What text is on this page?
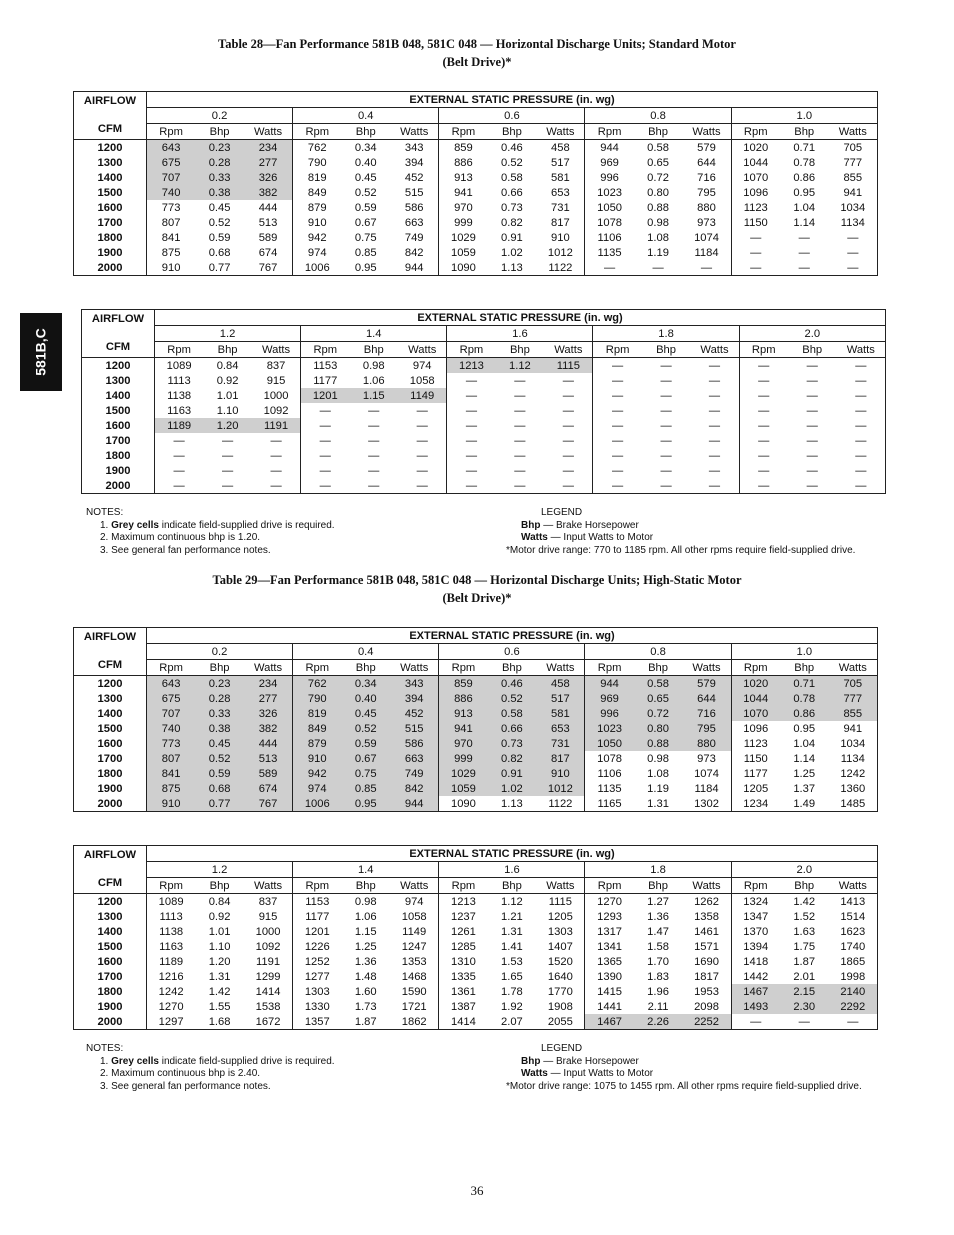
Table 28—Fan Performance 581B 048, 581C 048 — Horizontal Discharge Units; Standard Motor
(Belt Drive)*
581B,C
AIRFLOW	EXTERNAL STATIC PRESSURE (in. wg)														
	0.2			0.4			0.6			0.8			1.0		
CFM	Rpm	Bhp	Watts	Rpm	Bhp	Watts	Rpm	Bhp	Watts	Rpm	Bhp	Watts	Rpm	Bhp	Watts
1200	643	0.23	234	762	0.34	343	859	0.46	458	944	0.58	579	1020	0.71	705
1300	675	0.28	277	790	0.40	394	886	0.52	517	969	0.65	644	1044	0.78	777
1400	707	0.33	326	819	0.45	452	913	0.58	581	996	0.72	716	1070	0.86	855
1500	740	0.38	382	849	0.52	515	941	0.66	653	1023	0.80	795	1096	0.95	941
1600	773	0.45	444	879	0.59	586	970	0.73	731	1050	0.88	880	1123	1.04	1034
1700	807	0.52	513	910	0.67	663	999	0.82	817	1078	0.98	973	1150	1.14	1134
1800	841	0.59	589	942	0.75	749	1029	0.91	910	1106	1.08	1074	—	—	—
1900	875	0.68	674	974	0.85	842	1059	1.02	1012	1135	1.19	1184	—	—	—
2000	910	0.77	767	1006	0.95	944	1090	1.13	1122	—	—	—	—	—	—
AIRFLOW	EXTERNAL STATIC PRESSURE (in. wg)														
	1.2			1.4			1.6			1.8			2.0		
CFM	Rpm	Bhp	Watts	Rpm	Bhp	Watts	Rpm	Bhp	Watts	Rpm	Bhp	Watts	Rpm	Bhp	Watts
1200	1089	0.84	837	1153	0.98	974	1213	1.12	1115	—	—	—	—	—	—
1300	1113	0.92	915	1177	1.06	1058	—	—	—	—	—	—	—	—	—
1400	1138	1.01	1000	1201	1.15	1149	—	—	—	—	—	—	—	—	—
1500	1163	1.10	1092	—	—	—	—	—	—	—	—	—	—	—	—
1600	1189	1.20	1191	—	—	—	—	—	—	—	—	—	—	—	—
1700	—	—	—	—	—	—	—	—	—	—	—	—	—	—	—
1800	—	—	—	—	—	—	—	—	—	—	—	—	—	—	—
1900	—	—	—	—	—	—	—	—	—	—	—	—	—	—	—
2000	—	—	—	—	—	—	—	—	—	—	—	—	—	—	—
NOTES:
1. Grey cells indicate field-supplied drive is required.
2. Maximum continuous bhp is 1.20.
3. See general fan performance notes.
LEGEND
Bhp — Brake Horsepower
Watts — Input Watts to Motor
*Motor drive range: 770 to 1185 rpm. All other rpms require field-supplied drive.
Table 29—Fan Performance 581B 048, 581C 048 — Horizontal Discharge Units; High-Static Motor
(Belt Drive)*
AIRFLOW	EXTERNAL STATIC PRESSURE (in. wg)														
	0.2			0.4			0.6			0.8			1.0		
CFM	Rpm	Bhp	Watts	Rpm	Bhp	Watts	Rpm	Bhp	Watts	Rpm	Bhp	Watts	Rpm	Bhp	Watts
1200	643	0.23	234	762	0.34	343	859	0.46	458	944	0.58	579	1020	0.71	705
1300	675	0.28	277	790	0.40	394	886	0.52	517	969	0.65	644	1044	0.78	777
1400	707	0.33	326	819	0.45	452	913	0.58	581	996	0.72	716	1070	0.86	855
1500	740	0.38	382	849	0.52	515	941	0.66	653	1023	0.80	795	1096	0.95	941
1600	773	0.45	444	879	0.59	586	970	0.73	731	1050	0.88	880	1123	1.04	1034
1700	807	0.52	513	910	0.67	663	999	0.82	817	1078	0.98	973	1150	1.14	1134
1800	841	0.59	589	942	0.75	749	1029	0.91	910	1106	1.08	1074	1177	1.25	1242
1900	875	0.68	674	974	0.85	842	1059	1.02	1012	1135	1.19	1184	1205	1.37	1360
2000	910	0.77	767	1006	0.95	944	1090	1.13	1122	1165	1.31	1302	1234	1.49	1485
AIRFLOW	EXTERNAL STATIC PRESSURE (in. wg)														
	1.2			1.4			1.6			1.8			2.0		
CFM	Rpm	Bhp	Watts	Rpm	Bhp	Watts	Rpm	Bhp	Watts	Rpm	Bhp	Watts	Rpm	Bhp	Watts
1200	1089	0.84	837	1153	0.98	974	1213	1.12	1115	1270	1.27	1262	1324	1.42	1413
1300	1113	0.92	915	1177	1.06	1058	1237	1.21	1205	1293	1.36	1358	1347	1.52	1514
1400	1138	1.01	1000	1201	1.15	1149	1261	1.31	1303	1317	1.47	1461	1370	1.63	1623
1500	1163	1.10	1092	1226	1.25	1247	1285	1.41	1407	1341	1.58	1571	1394	1.75	1740
1600	1189	1.20	1191	1252	1.36	1353	1310	1.53	1520	1365	1.70	1690	1418	1.87	1865
1700	1216	1.31	1299	1277	1.48	1468	1335	1.65	1640	1390	1.83	1817	1442	2.01	1998
1800	1242	1.42	1414	1303	1.60	1590	1361	1.78	1770	1415	1.96	1953	1467	2.15	2140
1900	1270	1.55	1538	1330	1.73	1721	1387	1.92	1908	1441	2.11	2098	1493	2.30	2292
2000	1297	1.68	1672	1357	1.87	1862	1414	2.07	2055	1467	2.26	2252	—	—	—
NOTES:
1. Grey cells indicate field-supplied drive is required.
2. Maximum continuous bhp is 2.40.
3. See general fan performance notes.
LEGEND
Bhp — Brake Horsepower
Watts — Input Watts to Motor
*Motor drive range: 1075 to 1455 rpm. All other rpms require field-supplied drive.
36
